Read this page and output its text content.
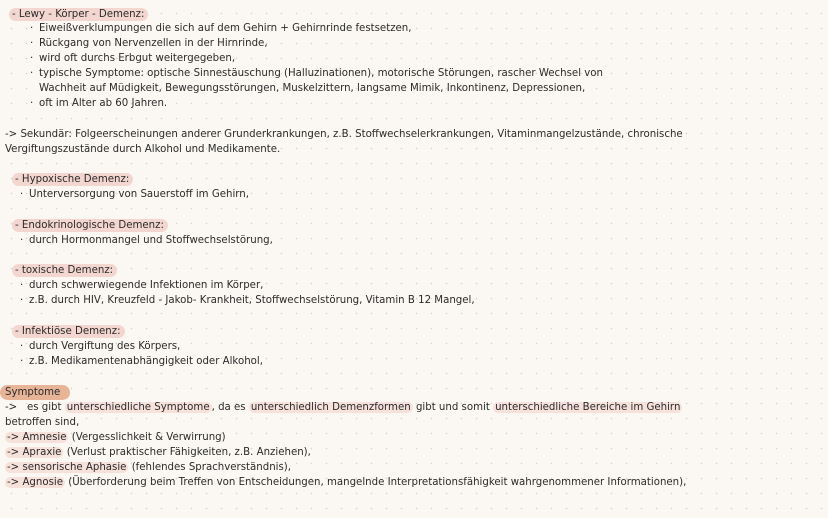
- Lewy - Körper - Demenz:
· Eiweißverklumpungen die sich auf dem Gehirn + Gehirnrinde festsetzen,
· Rückgang von Nervenzellen in der Hirnrinde,
· wird oft durchs Erbgut weitergegeben,
· typische Symptome: optische Sinnestäuschung (Halluzinationen), motorische Störungen, rascher Wechsel von
Wachheit auf Müdigkeit, Bewegungsstörungen, Muskelzittern, langsame Mimik, Inkontinenz, Depressionen,
· oft im Alter ab 60 Jahren.
-> Sekundär: Folgeerscheinungen anderer Grunderkrankungen, z.B. Stoffwechselerkrankungen, Vitaminmangelzustände, chronische
Vergiftungszustände durch Alkohol und Medikamente.
- Hypoxische Demenz:
· Unterversorgung von Sauerstoff im Gehirn,
- Endokrinologische Demenz:
· durch Hormonmangel und Stoffwechselstörung,
- toxische Demenz:
· durch schwerwiegende Infektionen im Körper,
· z.B. durch HIV, Kreuzfeld - Jakob- Krankheit, Stoffwechselstörung, Vitamin B 12 Mangel,
- Infektiöse Demenz:
· durch Vergiftung des Körpers,
· z.B. Medikamentenabhängigkeit oder Alkohol,
Symptome
-> es gibt unterschiedliche Symptome , da es unterschiedlich Demenzformen gibt und somit unterschiedliche Bereiche im Gehirn
betroffen sind,
-> Amnesie (Vergesslichkeit & Verwirrung)
-> Apraxie (Verlust praktischer Fähigkeiten, z.B. Anziehen),
-> sensorische Aphasie (fehlendes Sprachverständnis),
-> Agnosie (Überforderung beim Treffen von Entscheidungen, mangelnde Interpretationsfähigkeit wahrgenommener Informationen),
